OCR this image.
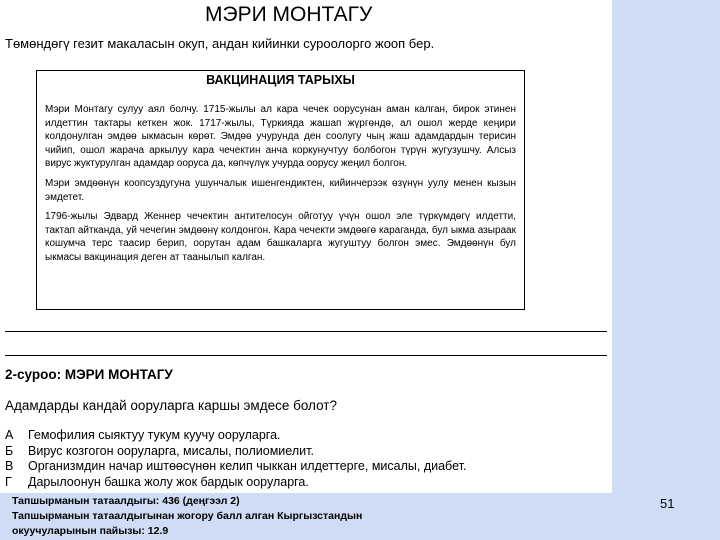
МЭРИ МОНТАГУ
Төмөндөгү гезит макаласын окуп, андан кийинки суроолорго жооп бер.
ВАКЦИНАЦИЯ ТАРЫХЫ

Мэри Монтагу сулуу аял болчу. 1715-жылы ал кара чечек оорусунан аман калган, бирок этинен илдеттин тактары кеткен жок. 1717-жылы, Түркияда жашап жүргөндө, ал ошол жерде кеңири колдонулган эмдөө ыкмасын көрөт. Эмдөө учурунда ден соолугу чың жаш адамдардын терисин чийип, ошол жарача аркылуу кара чечектин анча коркунучтуу болбогон түрүн жугузушчу. Алсыз вирус жуктурулган адамдар ооруса да, көпчүлүк учурда оорусу жеңил болгон.

Мэри эмдөөнүн коопсуздугуна ушунчалык ишенгендиктен, кийинчерээк өзүнүн уулу менен кызын эмдетет.

1796-жылы Эдвард Женнер чечектин антителосун ойготуу үчүн ошол эле түркүмдөгү илдетти, тактап айтканда, уй чечегин эмдөөнү колдонгон. Кара чечекти эмдөөгө караганда, бул ыкма азыраак кошумча терс таасир берип, оорутан адам башкаларга жугуштуу болгон эмес. Эмдөөнүн бул ыкмасы вакцинация деген ат таанылып калган.

2-суроо: МЭРИ МОНТАГУ
Адамдарды кандай ооруларга каршы эмдесе болот?
А	Гемофилия сыяктуу тукум куучу ооруларга.
Б	Вирус козгогон ооруларга, мисалы, полиомиелит.
В	Организмдин начар иштөөсүнөн келип чыккан илдеттерге, мисалы, диабет.
Г	Дарылоонун башка жолу жок бардык ооруларга.
Тапшырманын татаалдыгы: 436 (деңгээл 2)
Тапшырманын татаалдыгынан жогору балл алган Кыргызстандын
окуучуларынын пайызы: 12.9
51
